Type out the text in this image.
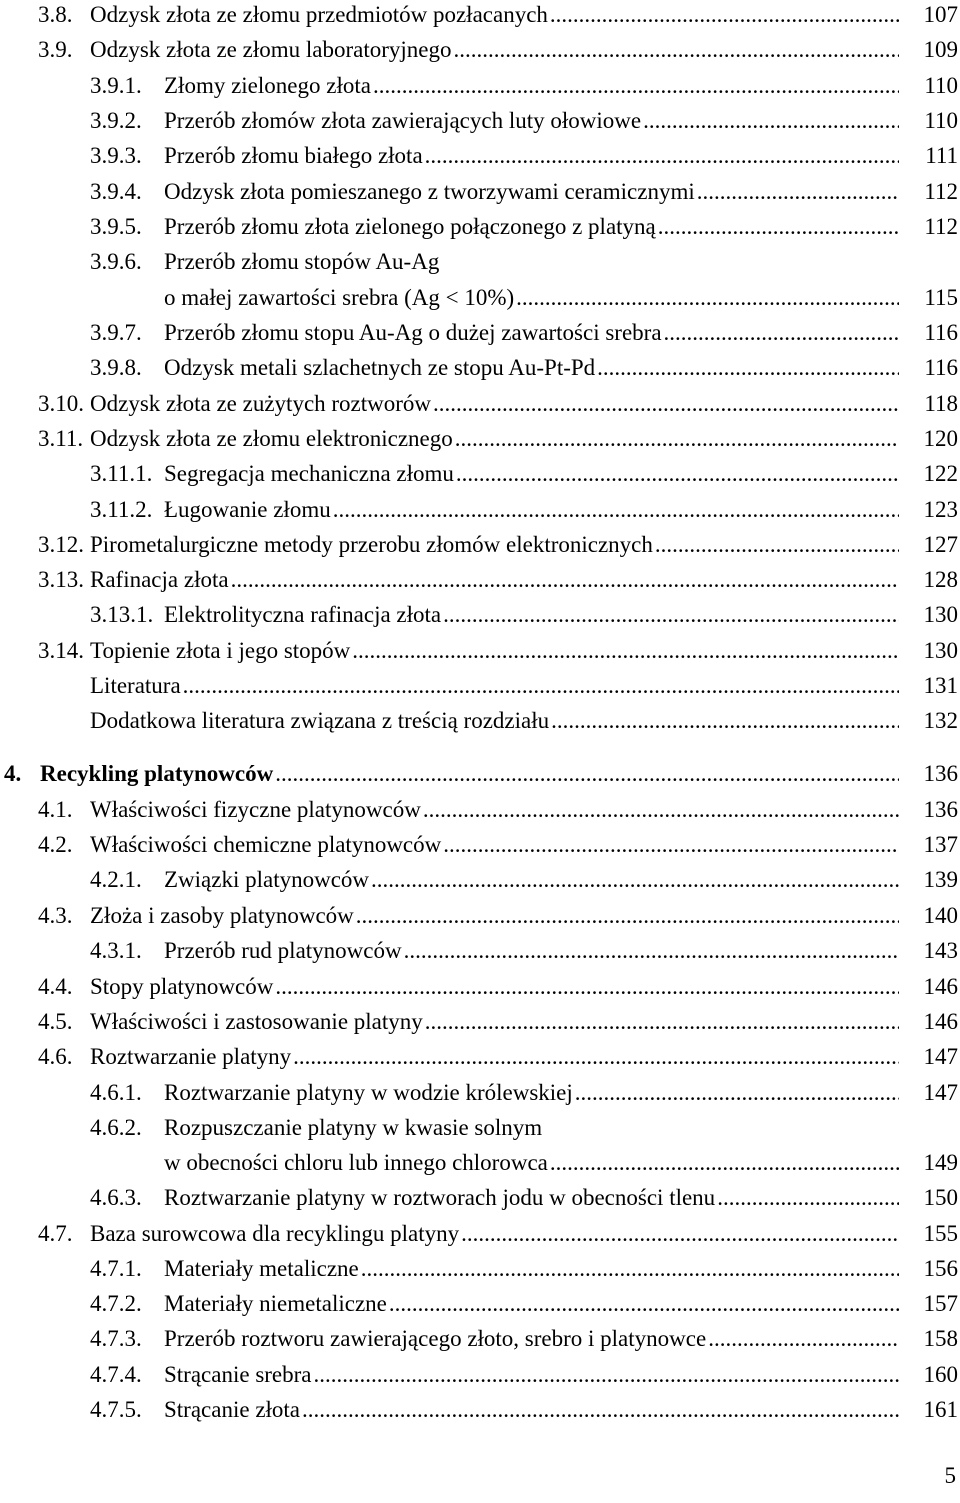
3.8. Odzysk złota ze złomu przedmiotów pozłacanych .....	107
3.9. Odzysk złota ze złomu laboratoryjnego .....	109
3.9.1. Złomy zielonego złota .....	110
3.9.2. Przerób złomów złota zawierających luty ołowiowe .....	110
3.9.3. Przerób złomu białego złota .....	111
3.9.4. Odzysk złota pomieszanego z tworzywami ceramicznymi .....	112
3.9.5. Przerób złomu złota zielonego połączonego z platyną .....	112
3.9.6. Przerób złomu stopów Au-Ag
o małej zawartości srebra (Ag < 10%) .....	115
3.9.7. Przerób złomu stopu Au-Ag o dużej zawartości srebra .....	116
3.9.8. Odzysk metali szlachetnych ze stopu Au-Pt-Pd .....	116
3.10. Odzysk złota ze zużytych roztworów .....	118
3.11. Odzysk złota ze złomu elektronicznego .....	120
3.11.1. Segregacja mechaniczna złomu .....	122
3.11.2. Ługowanie złomu .....	123
3.12. Pirometalurgiczne metody przerobu złomów elektronicznych .....	127
3.13. Rafinacja złota .....	128
3.13.1. Elektrolityczna rafinacja złota .....	130
3.14. Topienie złota i jego stopów .....	130
Literatura .....	131
Dodatkowa literatura związana z treścią rozdziału .....	132
4. Recykling platynowców .....	136
4.1. Właściwości fizyczne platynowców .....	136
4.2. Właściwości chemiczne platynowców .....	137
4.2.1. Związki platynowców .....	139
4.3. Złoża i zasoby platynowców .....	140
4.3.1. Przerób rud platynowców .....	143
4.4. Stopy platynowców .....	146
4.5. Właściwości i zastosowanie platyny .....	146
4.6. Roztwarzanie platyny .....	147
4.6.1. Roztwarzanie platyny w wodzie królewskiej .....	147
4.6.2. Rozpuszczanie platyny w kwasie solnym
w obecności chloru lub innego chlorowca .....	149
4.6.3. Roztwarzanie platyny w roztworach jodu w obecności tlenu .....	150
4.7. Baza surowcowa dla recyklingu platyny .....	155
4.7.1. Materiały metaliczne .....	156
4.7.2. Materiały niemetaliczne .....	157
4.7.3. Przerób roztworu zawierającego złoto, srebro i platynowce .....	158
4.7.4. Strącanie srebra .....	160
4.7.5. Strącanie złota .....	161
5
